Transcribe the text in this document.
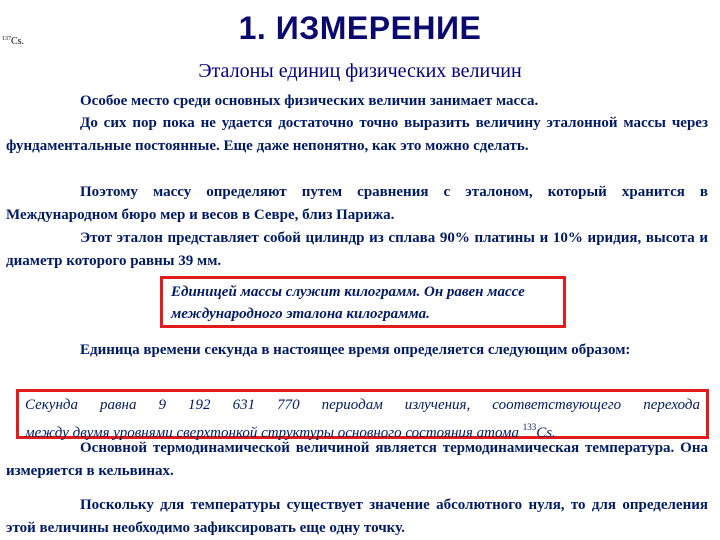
$^{137}$Cs.	1. ИЗМЕРЕНИЕ
Эталоны единиц физических величин
Особое место среди основных физических величин занимает масса.
До сих пор пока не удается достаточно точно выразить величину эталонной массы через фундаментальные постоянные. Еще даже непонятно, как это можно сделать.
Поэтому массу определяют путем сравнения с эталоном, который хранится в Международном бюро мер и весов в Севре, близ Парижа.
Этот эталон представляет собой цилиндр из сплава 90% платины и 10% иридия, высота и диаметр которого равны 39 мм.
Единицей массы служит килограмм. Он равен массе международного эталона килограмма.
Единица времени секунда в настоящее время определяется следующим образом:
Секунда равна 9 192 631 770 периодам излучения, соответствующего перехода
между двумя уровнями сверхтонкой структуры основного состояния атома $^{133}$Cs.
Основной термодинамической величиной является термодинамическая температура. Она измеряется в кельвинах.
Поскольку для температуры существует значение абсолютного нуля, то для определения этой величины необходимо зафиксировать еще одну точку.
